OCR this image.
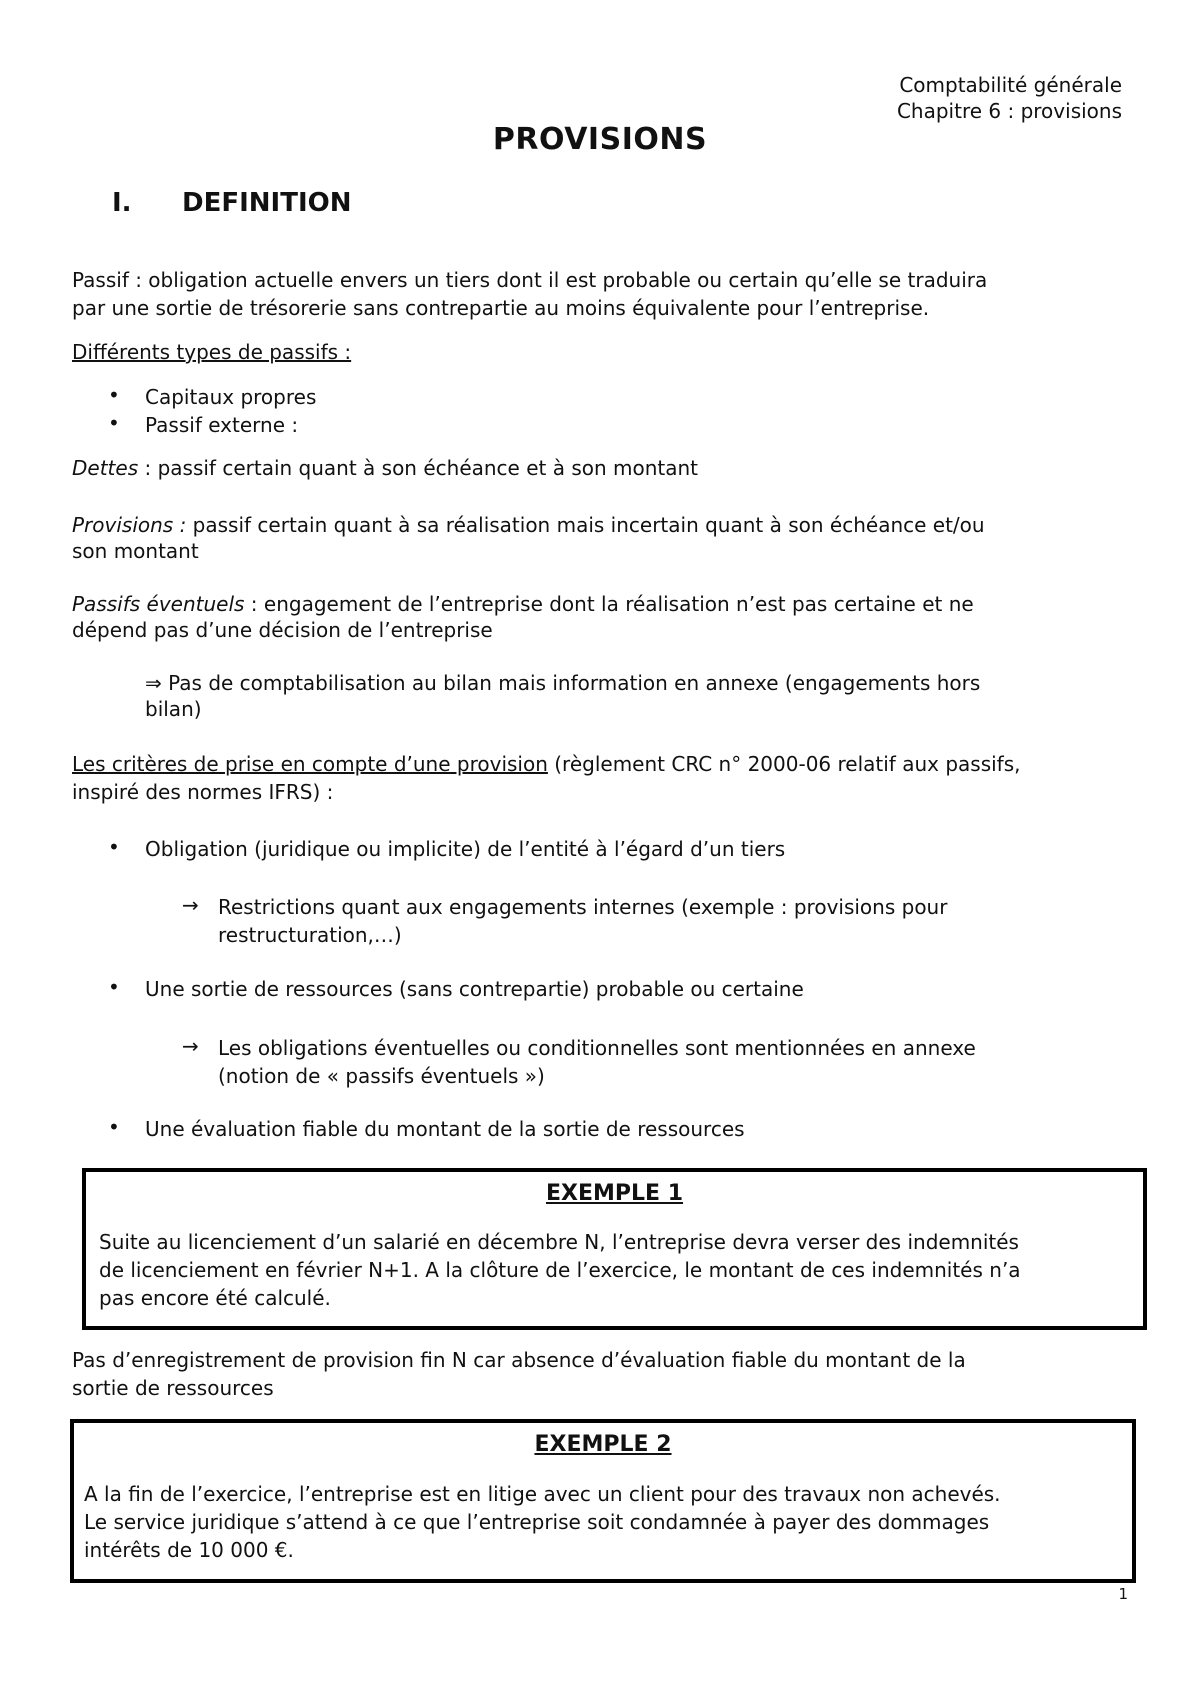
Comptabilité générale
Chapitre 6 : provisions
PROVISIONS
I. DEFINITION
Passif : obligation actuelle envers un tiers dont il est probable ou certain qu’elle se traduira
par une sortie de trésorerie sans contrepartie au moins équivalente pour l’entreprise.
Différents types de passifs :
• Capitaux propres
• Passif externe :
Dettes : passif certain quant à son échéance et à son montant
Provisions : passif certain quant à sa réalisation mais incertain quant à son échéance et/ou
son montant
Passifs éventuels : engagement de l’entreprise dont la réalisation n’est pas certaine et ne
dépend pas d’une décision de l’entreprise
⇒ Pas de comptabilisation au bilan mais information en annexe (engagements hors
bilan)
Les critères de prise en compte d’une provision (règlement CRC n° 2000-06 relatif aux passifs,
inspiré des normes IFRS) :
• Obligation (juridique ou implicite) de l’entité à l’égard d’un tiers
→ Restrictions quant aux engagements internes (exemple : provisions pour
restructuration,…)
• Une sortie de ressources (sans contrepartie) probable ou certaine
→ Les obligations éventuelles ou conditionnelles sont mentionnées en annexe
(notion de « passifs éventuels »)
• Une évaluation fiable du montant de la sortie de ressources
EXEMPLE 1
Suite au licenciement d’un salarié en décembre N, l’entreprise devra verser des indemnités
de licenciement en février N+1. A la clôture de l’exercice, le montant de ces indemnités n’a
pas encore été calculé.
Pas d’enregistrement de provision fin N car absence d’évaluation fiable du montant de la
sortie de ressources
EXEMPLE 2
A la fin de l’exercice, l’entreprise est en litige avec un client pour des travaux non achevés.
Le service juridique s’attend à ce que l’entreprise soit condamnée à payer des dommages
intérêts de 10 000 €.
1
